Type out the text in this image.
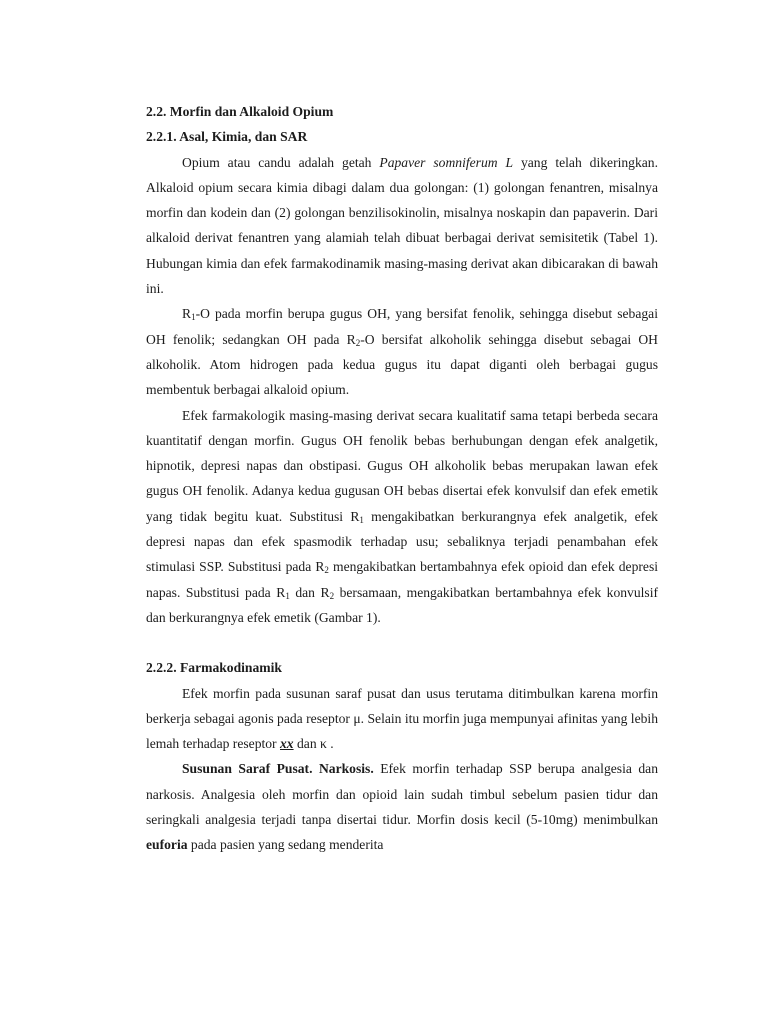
2.2. Morfin dan Alkaloid Opium
2.2.1. Asal, Kimia, dan SAR

Opium atau candu adalah getah Papaver somniferum L yang telah dikeringkan. Alkaloid opium secara kimia dibagi dalam dua golongan: (1) golongan fenantren, misalnya morfin dan kodein dan (2) golongan benzilisokinolin, misalnya noskapin dan papaverin. Dari alkaloid derivat fenantren yang alamiah telah dibuat berbagai derivat semisitetik (Tabel 1). Hubungan kimia dan efek farmakodinamik masing-masing derivat akan dibicarakan di bawah ini.

$R_1-O$ pada morfin berupa gugus OH, yang bersifat fenolik, sehingga disebut sebagai OH fenolik; sedangkan OH pada $R_2-O$ bersifat alkoholik sehingga disebut sebagai OH alkoholik. Atom hidrogen pada kedua gugus itu dapat diganti oleh berbagai gugus membentuk berbagai alkaloid opium.

Efek farmakologik masing-masing derivat secara kualitatif sama tetapi berbeda secara kuantitatif dengan morfin. Gugus OH fenolik bebas berhubungan dengan efek analgetik, hipnotik, depresi napas dan obstipasi. Gugus OH alkoholik bebas merupakan lawan efek gugus OH fenolik. Adanya kedua gugusan OH bebas disertai efek konvulsif dan efek emetik yang tidak begitu kuat. Substitusi $R_1$ mengakibatkan berkurangnya efek analgetik, efek depresi napas dan efek spasmodik terhadap usu; sebaliknya terjadi penambahan efek stimulasi SSP. Substitusi pada $R_2$ mengakibatkan bertambahnya efek opioid dan efek depresi napas. Substitusi pada $R_1$ dan $R_2$ bersamaan, mengakibatkan bertambahnya efek konvulsif dan berkurangnya efek emetik (Gambar 1).

2.2.2. Farmakodinamik

Efek morfin pada susunan saraf pusat dan usus terutama ditimbulkan karena morfin berkerja sebagai agonis pada reseptor μ. Selain itu morfin juga mempunyai afinitas yang lebih lemah terhadap reseptor xx dan κ .

Susunan Saraf Pusat. Narkosis. Efek morfin terhadap SSP berupa analgesia dan narkosis. Analgesia oleh morfin dan opioid lain sudah timbul sebelum pasien tidur dan seringkali analgesia terjadi tanpa disertai tidur. Morfin dosis kecil (5-10mg) menimbulkan euforia pada pasien yang sedang menderita
